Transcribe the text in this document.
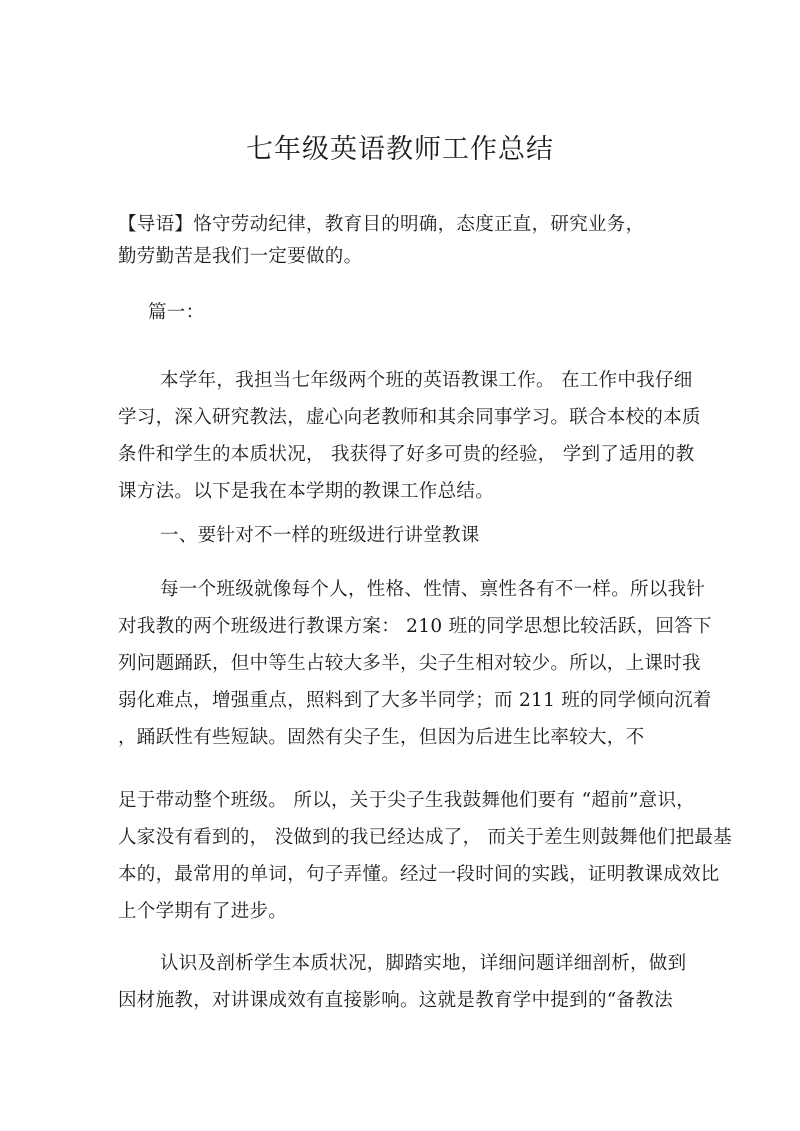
七年级英语教师工作总结
【导语】恪守劳动纪律，教育目的明确，态度正直，研究业务，
勤劳勤苦是我们一定要做的。
篇一：
本学年，我担当七年级两个班的英语教课工作。 在工作中我仔细
学习，深入研究教法，虚心向老教师和其余同事学习。联合本校的本质
条件和学生的本质状况， 我获得了好多可贵的经验， 学到了适用的教
课方法。以下是我在本学期的教课工作总结。
一、要针对不一样的班级进行讲堂教课
每一个班级就像每个人，性格、性情、禀性各有不一样。所以我针
对我教的两个班级进行教课方案： 210 班的同学思想比较活跃，回答下
列问题踊跃，但中等生占较大多半，尖子生相对较少。所以，上课时我
弱化难点，增强重点，照料到了大多半同学；而 211 班的同学倾向沉着
，踊跃性有些短缺。固然有尖子生，但因为后进生比率较大，不
足于带动整个班级。 所以，关于尖子生我鼓舞他们要有 “超前”意识，
人家没有看到的， 没做到的我已经达成了， 而关于差生则鼓舞他们把最基
本的，最常用的单词，句子弄懂。经过一段时间的实践，证明教课成效比
上个学期有了进步。
认识及剖析学生本质状况，脚踏实地，详细问题详细剖析，做到
因材施教，对讲课成效有直接影响。这就是教育学中提到的“备教法
